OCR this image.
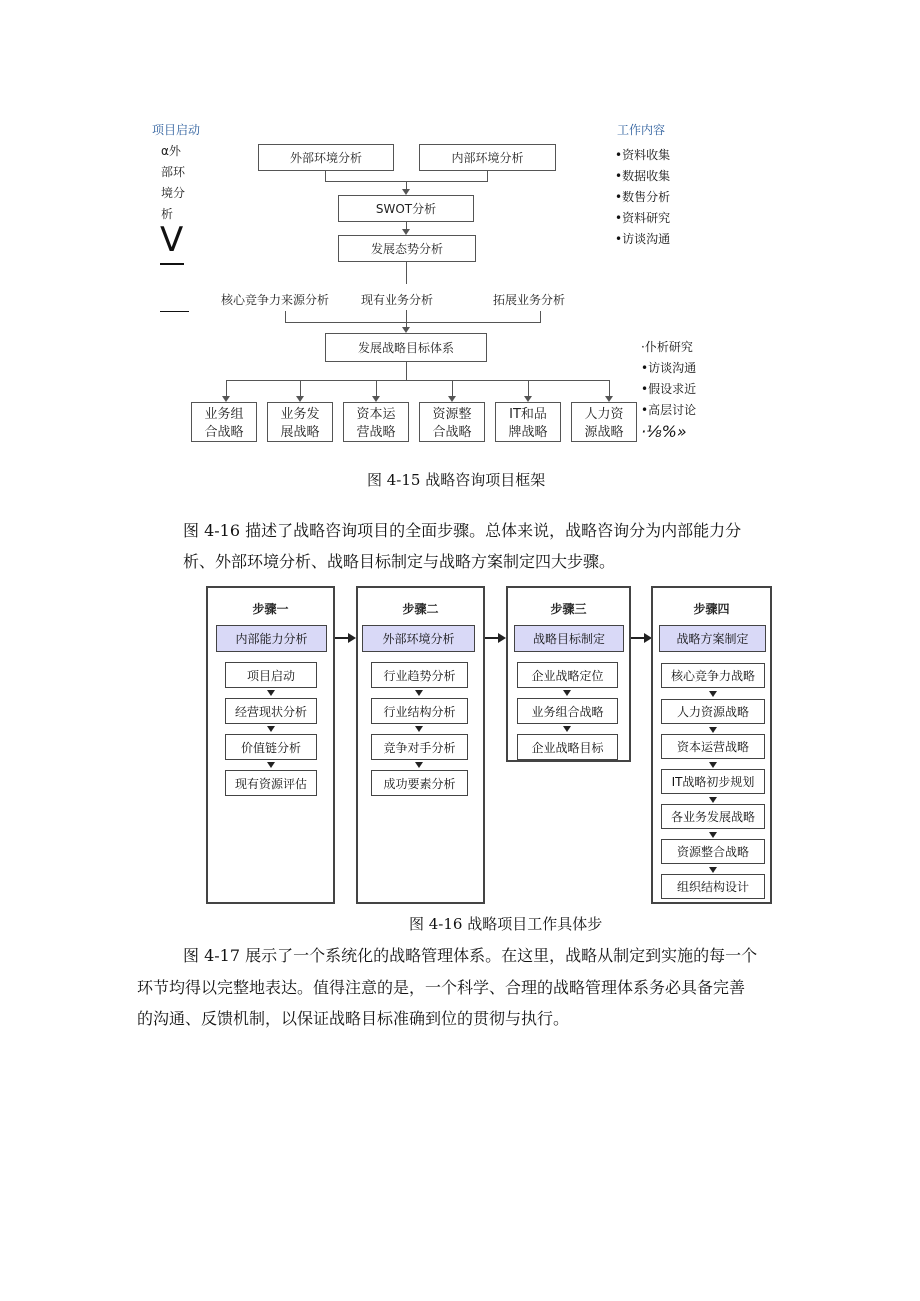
项目启动
α外
部环
境分
析
V
工作内容
•资料收集
•数据收集
•数售分析
•资料研究
•访谈沟通
外部环境分析	内部环境分析
SWOT分析
发展态势分析
核心竞争力来源分析	现有业务分析	拓展业务分析
发展战略目标体系	·仆析研究
•访谈沟通
•假设求近
•高层讨论
·⅛%»
业务组
合战略
业务发
展战略
资本运
营战略
资源整
合战略
IT和品
牌战略
人力资
源战略
图 4-15 战略咨询项目框架
图 4-16 描述了战略咨询项目的全面步骤。总体来说，战略咨询分为内部能力分
析、外部环境分析、战略目标制定与战略方案制定四大步骤。
步骤一
内部能力分析
项目启动
经营现状分析
价值链分析
现有资源评估
步骤二
外部环境分析
行业趋势分析
行业结构分析
竞争对手分析
成功要素分析
步骤三
战略目标制定
企业战略定位
业务组合战略
企业战略目标
步骤四
战略方案制定
核心竞争力战略
人力资源战略
资本运营战略
IT战略初步规划
各业务发展战略
资源整合战略
组织结构设计
图 4-16 战略项目工作具体步
图 4-17 展示了一个系统化的战略管理体系。在这里，战略从制定到实施的每一个
环节均得以完整地表达。值得注意的是，一个科学、合理的战略管理体系务必具备完善
的沟通、反馈机制，以保证战略目标准确到位的贯彻与执行。
